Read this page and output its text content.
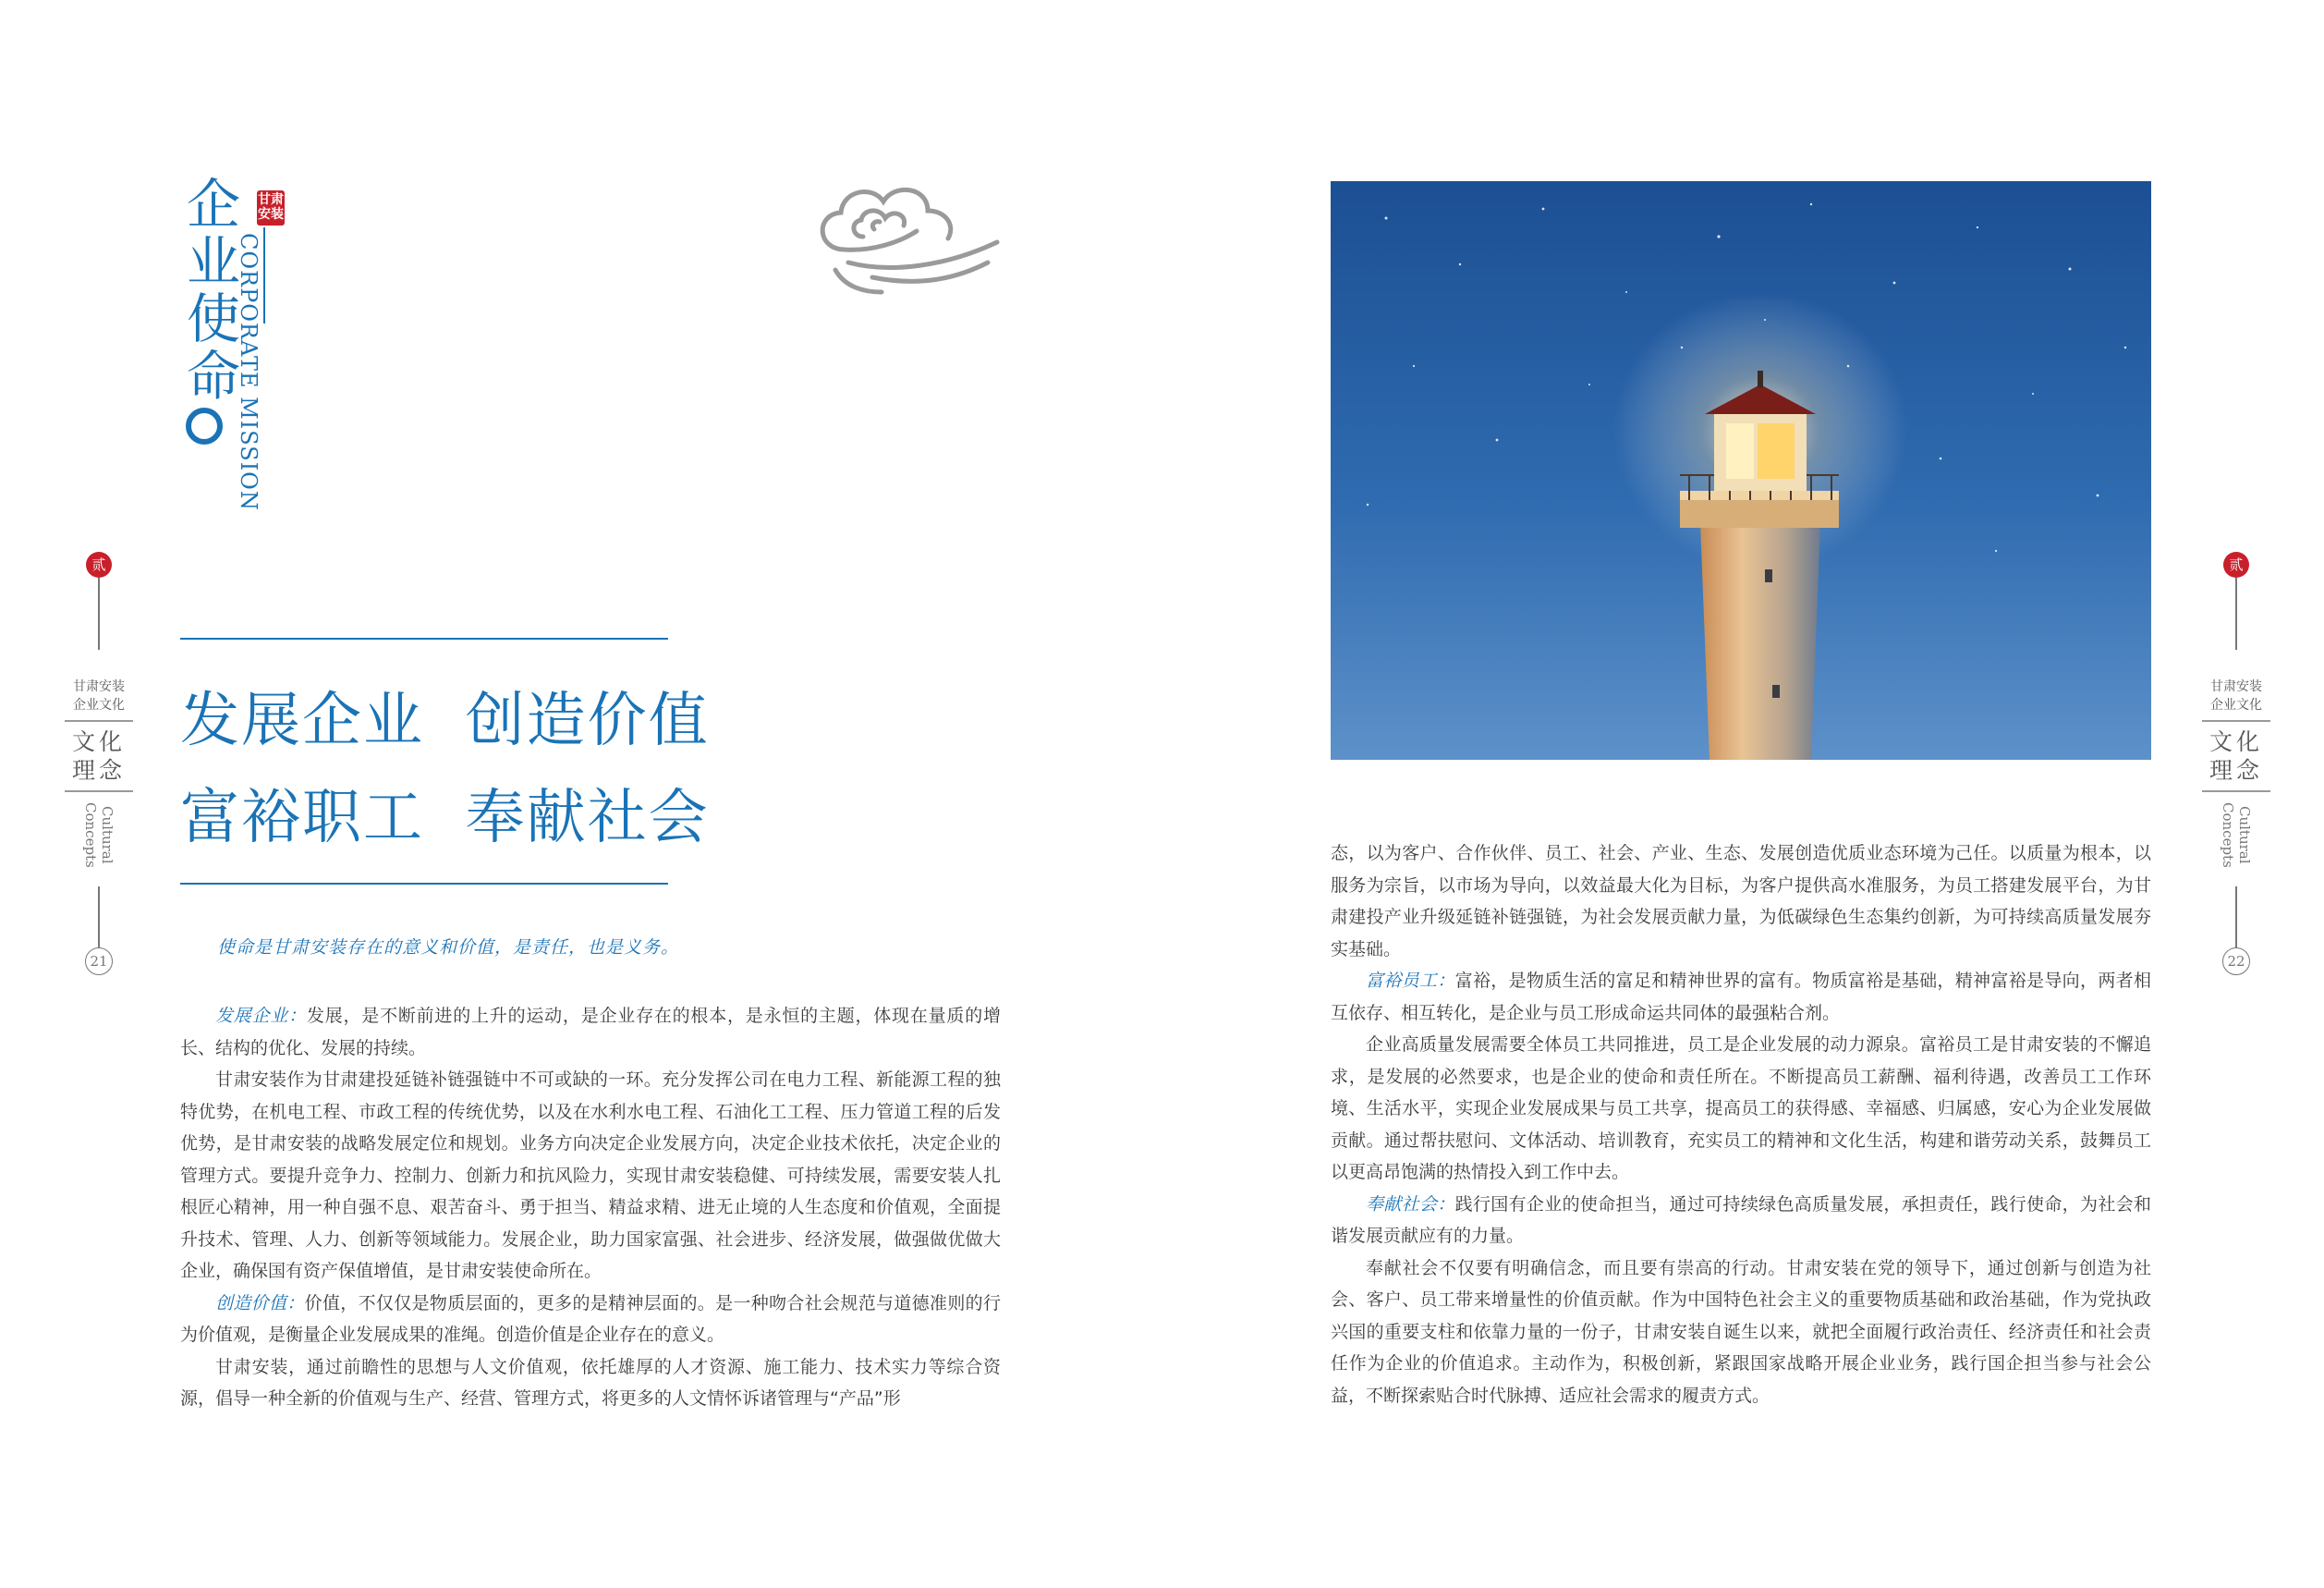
企业使命 甘肃
安装
CORPORATE MISSION
发展企业  创造价值
富裕职工  奉献社会
使命是甘肃安装存在的意义和价值，是责任，也是义务。

发展企业：发展，是不断前进的上升的运动，是企业存在的根本，是永恒的主题，体现在量质的增长、结构的优化、发展的持续。

甘肃安装作为甘肃建投延链补链强链中不可或缺的一环。充分发挥公司在电力工程、新能源工程的独特优势，在机电工程、市政工程的传统优势，以及在水利水电工程、石油化工工程、压力管道工程的后发优势，是甘肃安装的战略发展定位和规划。业务方向决定企业发展方向，决定企业技术依托，决定企业的管理方式。要提升竞争力、控制力、创新力和抗风险力，实现甘肃安装稳健、可持续发展，需要安装人扎根匠心精神，用一种自强不息、艰苦奋斗、勇于担当、精益求精、进无止境的人生态度和价值观，全面提升技术、管理、人力、创新等领域能力。发展企业，助力国家富强、社会进步、经济发展，做强做优做大企业，确保国有资产保值增值，是甘肃安装使命所在。

创造价值：价值，不仅仅是物质层面的，更多的是精神层面的。是一种吻合社会规范与道德准则的行为价值观，是衡量企业发展成果的准绳。创造价值是企业存在的意义。

甘肃安装，通过前瞻性的思想与人文价值观，依托雄厚的人才资源、施工能力、技术实力等综合资源，倡导一种全新的价值观与生产、经营、管理方式，将更多的人文情怀诉诸管理与“产品”形

贰
甘肃安装
企业文化
文化
理念
Cultural Concepts
21

态，以为客户、合作伙伴、员工、社会、产业、生态、发展创造优质业态环境为己任。以质量为根本，以服务为宗旨，以市场为导向，以效益最大化为目标，为客户提供高水准服务，为员工搭建发展平台，为甘肃建投产业升级延链补链强链，为社会发展贡献力量，为低碳绿色生态集约创新，为可持续高质量发展夯实基础。

富裕员工：富裕，是物质生活的富足和精神世界的富有。物质富裕是基础，精神富裕是导向，两者相互依存、相互转化，是企业与员工形成命运共同体的最强粘合剂。

企业高质量发展需要全体员工共同推进，员工是企业发展的动力源泉。富裕员工是甘肃安装的不懈追求，是发展的必然要求，也是企业的使命和责任所在。不断提高员工薪酬、福利待遇，改善员工工作环境、生活水平，实现企业发展成果与员工共享，提高员工的获得感、幸福感、归属感，安心为企业发展做贡献。通过帮扶慰问、文体活动、培训教育，充实员工的精神和文化生活，构建和谐劳动关系，鼓舞员工以更高昂饱满的热情投入到工作中去。

奉献社会：践行国有企业的使命担当，通过可持续绿色高质量发展，承担责任，践行使命，为社会和谐发展贡献应有的力量。

奉献社会不仅要有明确信念，而且要有崇高的行动。甘肃安装在党的领导下，通过创新与创造为社会、客户、员工带来增量性的价值贡献。作为中国特色社会主义的重要物质基础和政治基础，作为党执政兴国的重要支柱和依靠力量的一份子，甘肃安装自诞生以来，就把全面履行政治责任、经济责任和社会责任作为企业的价值追求。主动作为，积极创新，紧跟国家战略开展企业业务，践行国企担当参与社会公益，不断探索贴合时代脉搏、适应社会需求的履责方式。

贰
甘肃安装
企业文化
文化
理念
Cultural Concepts
22
